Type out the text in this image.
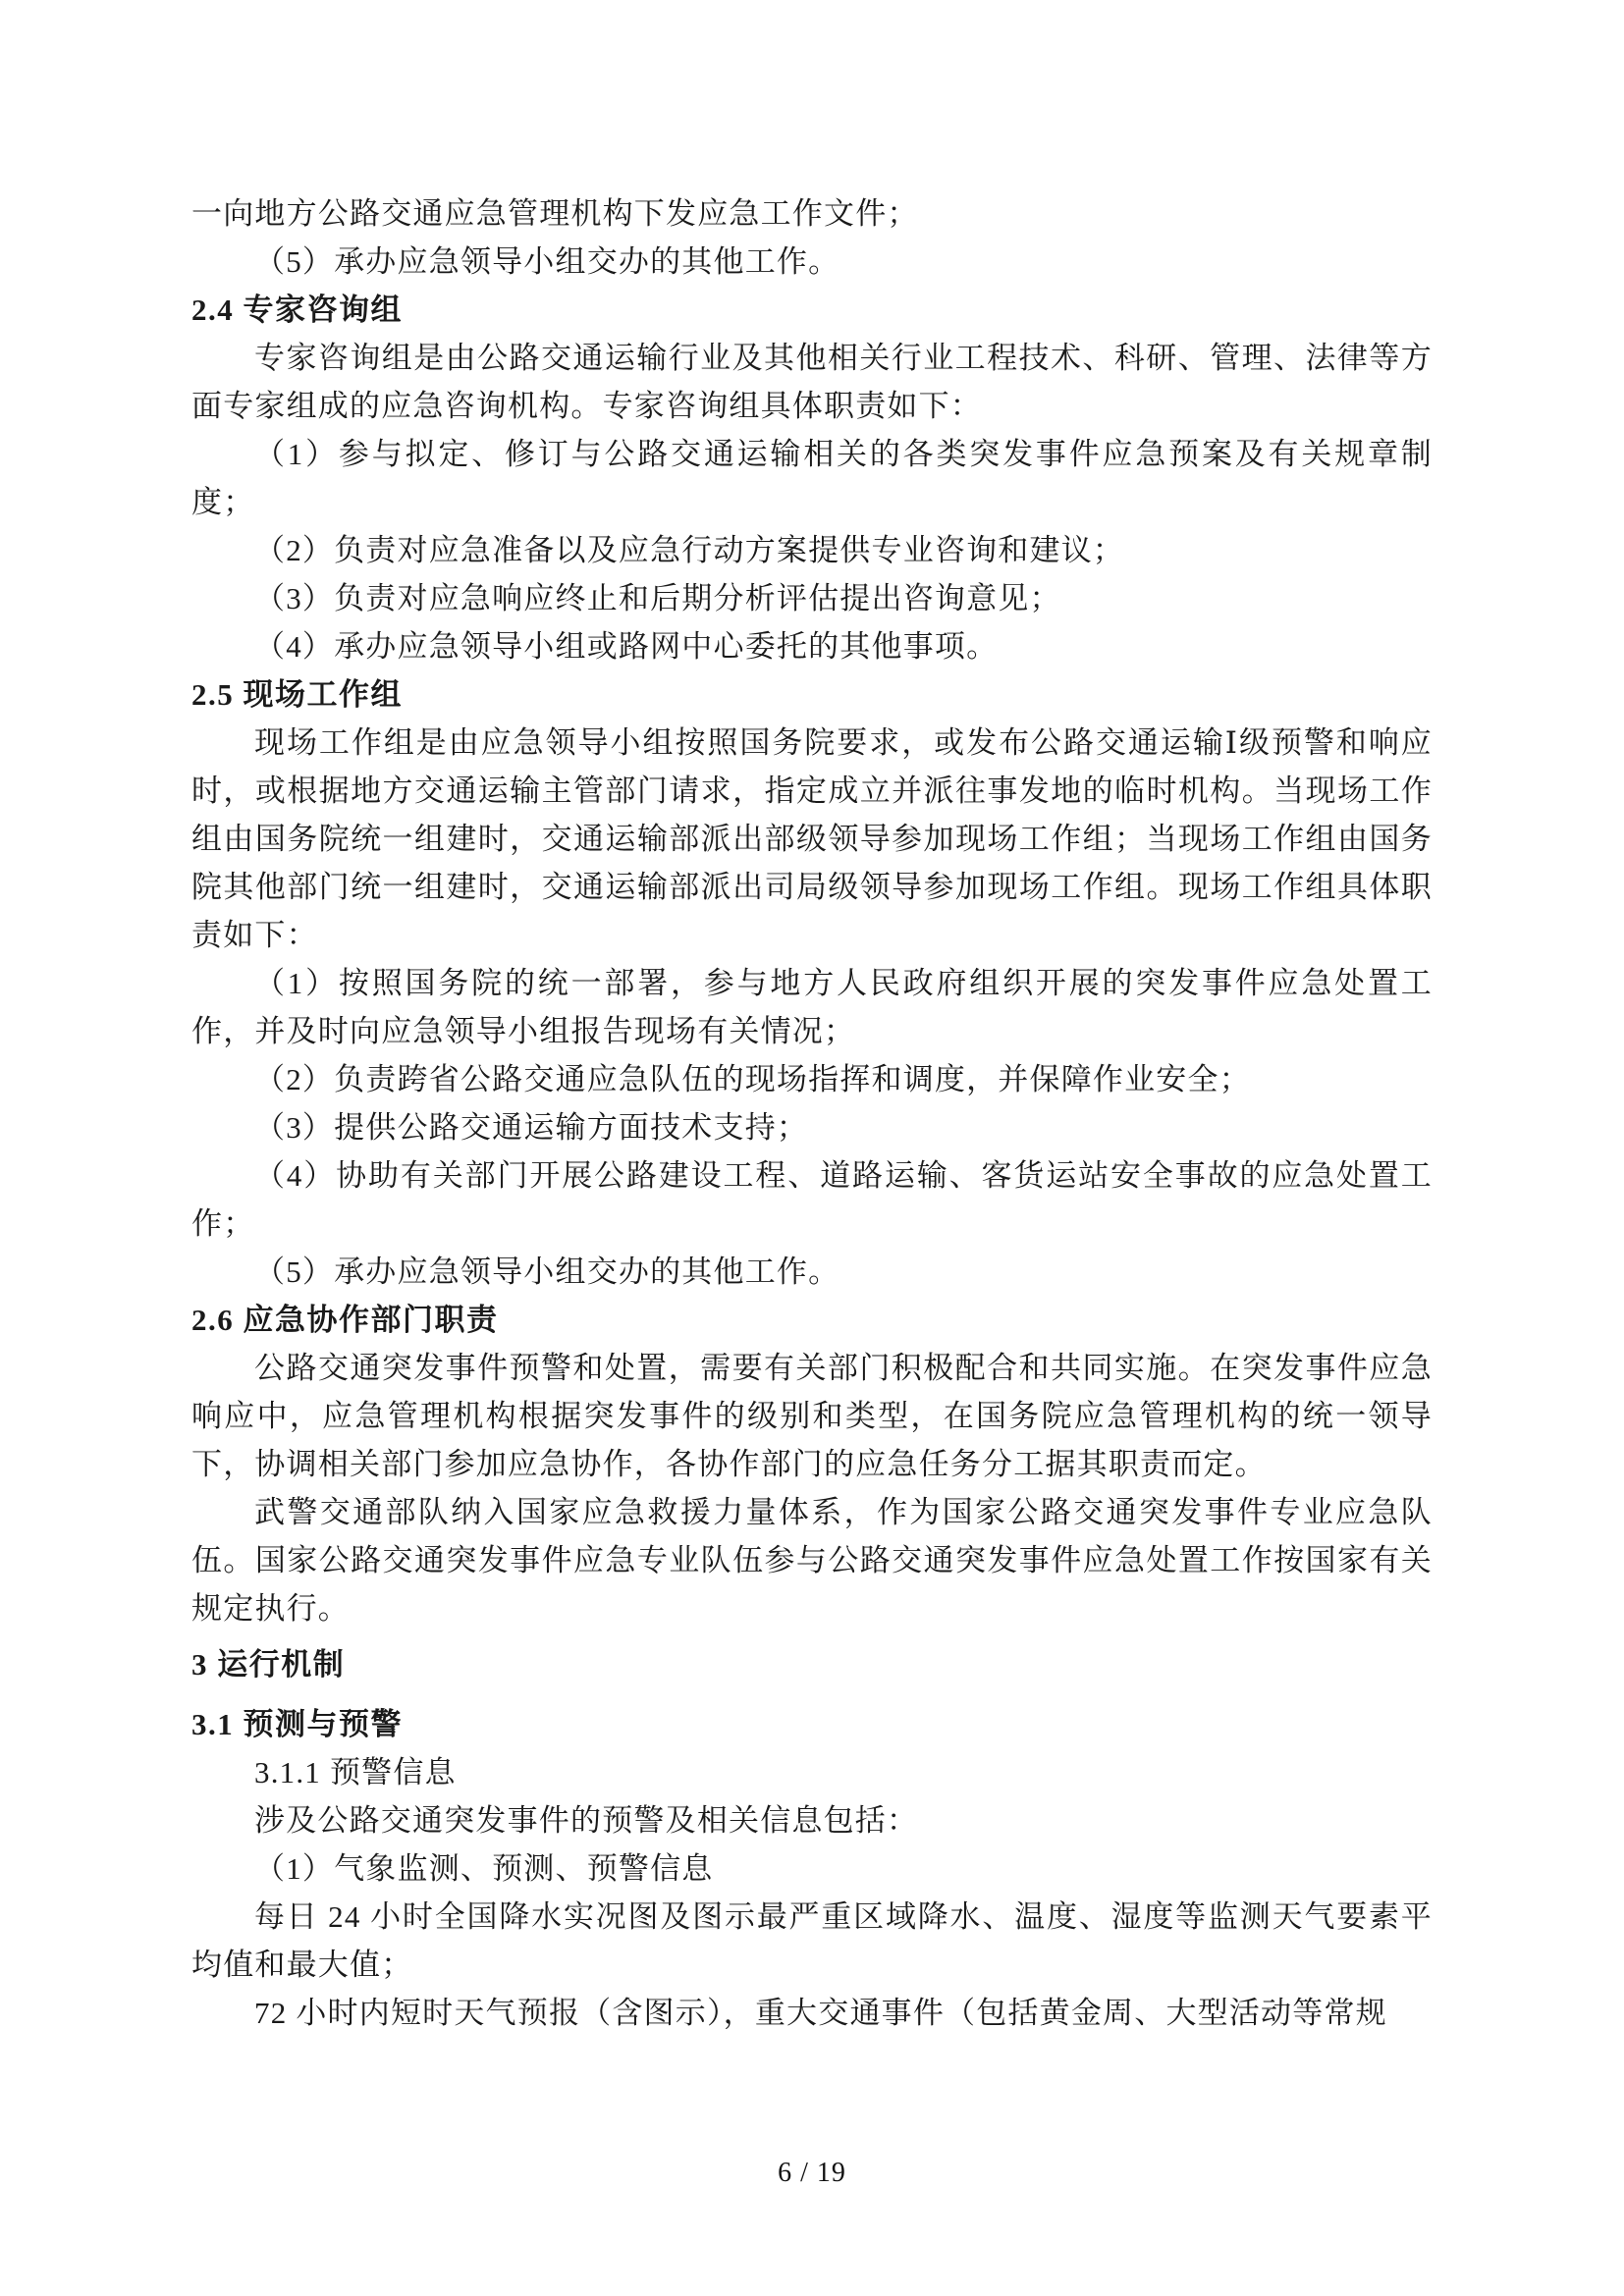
一向地方公路交通应急管理机构下发应急工作文件；

（5）承办应急领导小组交办的其他工作。

2.4 专家咨询组

专家咨询组是由公路交通运输行业及其他相关行业工程技术、科研、管理、法律等方面专家组成的应急咨询机构。专家咨询组具体职责如下：

（1）参与拟定、修订与公路交通运输相关的各类突发事件应急预案及有关规章制度；

（2）负责对应急准备以及应急行动方案提供专业咨询和建议；

（3）负责对应急响应终止和后期分析评估提出咨询意见；

（4）承办应急领导小组或路网中心委托的其他事项。

2.5 现场工作组

现场工作组是由应急领导小组按照国务院要求，或发布公路交通运输Ⅰ级预警和响应时，或根据地方交通运输主管部门请求，指定成立并派往事发地的临时机构。当现场工作组由国务院统一组建时，交通运输部派出部级领导参加现场工作组；当现场工作组由国务院其他部门统一组建时，交通运输部派出司局级领导参加现场工作组。现场工作组具体职责如下：

（1）按照国务院的统一部署，参与地方人民政府组织开展的突发事件应急处置工作，并及时向应急领导小组报告现场有关情况；

（2）负责跨省公路交通应急队伍的现场指挥和调度，并保障作业安全；

（3）提供公路交通运输方面技术支持；

（4）协助有关部门开展公路建设工程、道路运输、客货运站安全事故的应急处置工作；

（5）承办应急领导小组交办的其他工作。

2.6 应急协作部门职责

公路交通突发事件预警和处置，需要有关部门积极配合和共同实施。在突发事件应急响应中，应急管理机构根据突发事件的级别和类型，在国务院应急管理机构的统一领导下，协调相关部门参加应急协作，各协作部门的应急任务分工据其职责而定。

武警交通部队纳入国家应急救援力量体系，作为国家公路交通突发事件专业应急队伍。国家公路交通突发事件应急专业队伍参与公路交通突发事件应急处置工作按国家有关规定执行。

3 运行机制
3.1 预测与预警

3.1.1 预警信息

涉及公路交通突发事件的预警及相关信息包括：

（1）气象监测、预测、预警信息

每日 24 小时全国降水实况图及图示最严重区域降水、温度、湿度等监测天气要素平均值和最大值；

72 小时内短时天气预报（含图示），重大交通事件（包括黄金周、大型活动等常规

6 / 19
